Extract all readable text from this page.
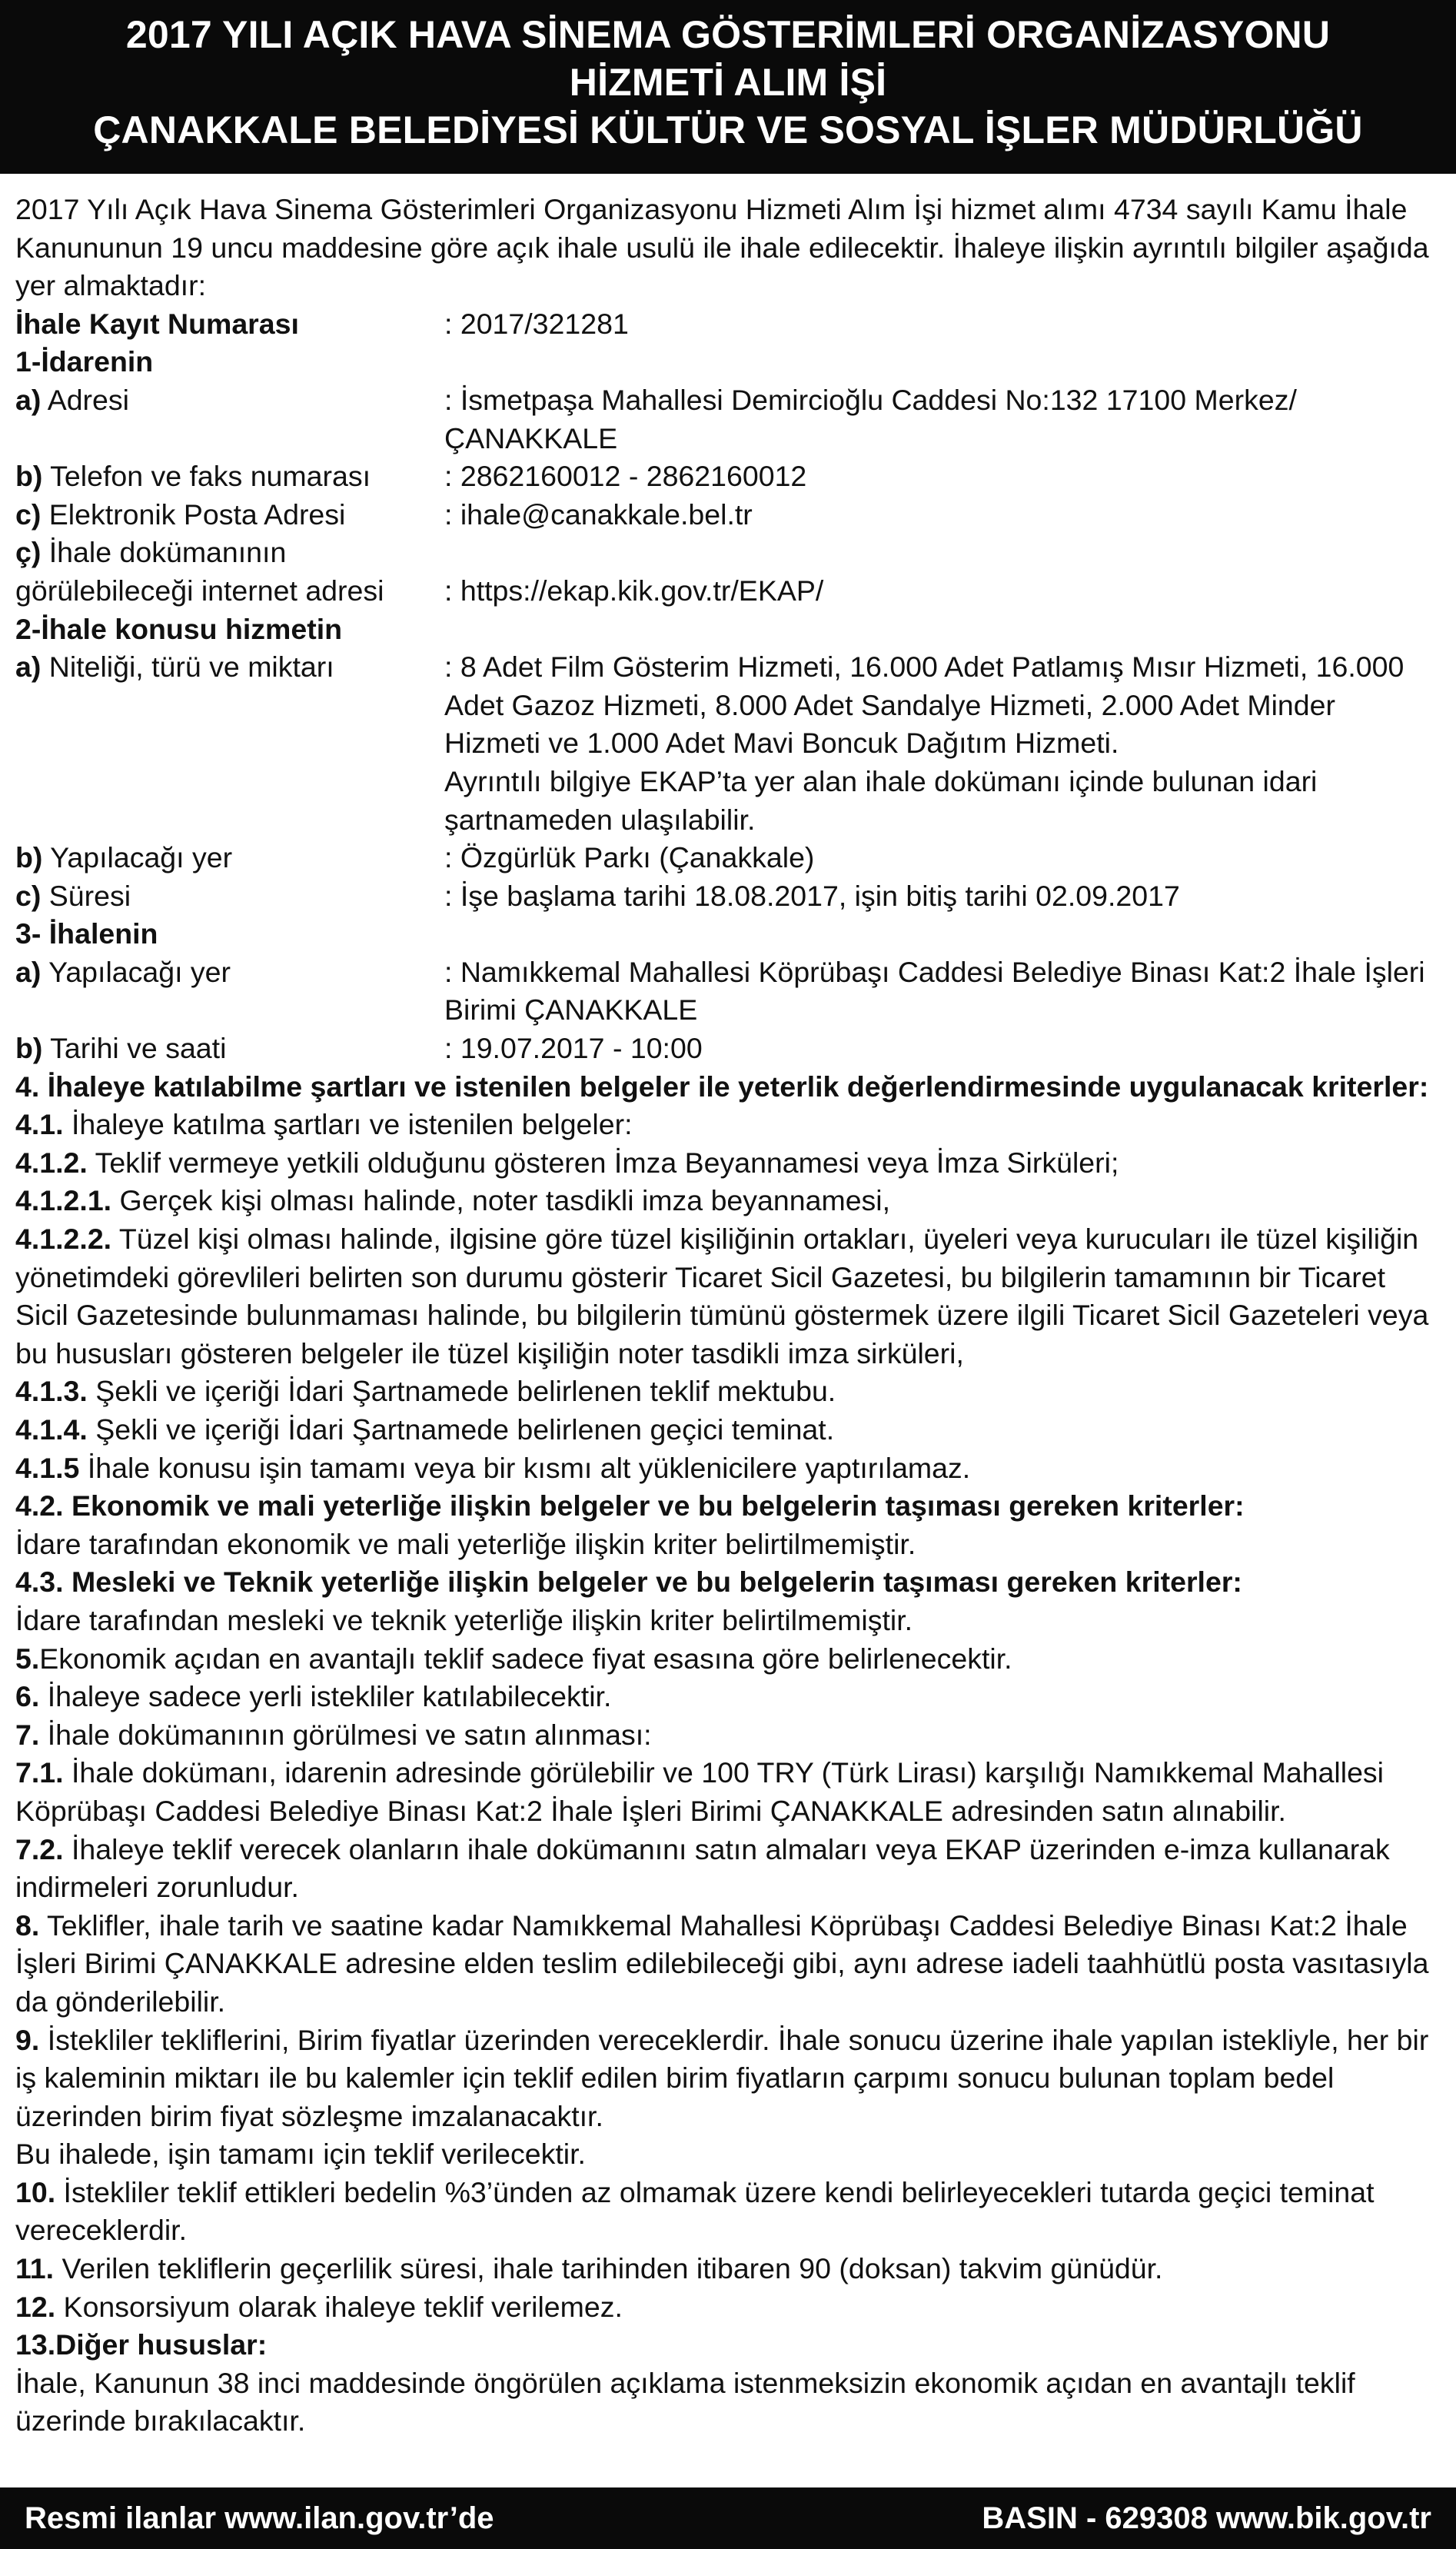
2017 YILI AÇIK HAVA SİNEMA GÖSTERİMLERİ ORGANİZASYONU
HİZMETİ ALIM İŞİ
ÇANAKKALE BELEDİYESİ KÜLTÜR VE SOSYAL İŞLER MÜDÜRLÜĞÜ

2017 Yılı Açık Hava Sinema Gösterimleri Organizasyonu Hizmeti Alım İşi hizmet alımı 4734 sayılı Kamu İhale Kanununun 19 uncu maddesine göre açık ihale usulü ile ihale edilecektir. İhaleye ilişkin ayrıntılı bilgiler aşağıda yer almaktadır:

İhale Kayıt Numarası	: 2017/321281

1-İdarenin

a) Adresi	: İsmetpaşa Mahallesi Demircioğlu Caddesi No:132 17100 Merkez/ÇANAKKALE
b) Telefon ve faks numarası	: 2862160012 - 2862160012
c) Elektronik Posta Adresi	: ihale@canakkale.bel.tr

ç) İhale dokümanının

görülebileceği internet adresi	: https://ekap.kik.gov.tr/EKAP/

2-İhale konusu hizmetin

a) Niteliği, türü ve miktarı	: 8 Adet Film Gösterim Hizmeti, 16.000 Adet Patlamış Mısır Hizmeti, 16.000 Adet Gazoz Hizmeti, 8.000 Adet Sandalye Hizmeti, 2.000 Adet Minder Hizmeti ve 1.000 Adet Mavi Boncuk Dağıtım Hizmeti.
Ayrıntılı bilgiye EKAP’ta yer alan ihale dokümanı içinde bulunan idari şartnameden ulaşılabilir.
b) Yapılacağı yer	: Özgürlük Parkı (Çanakkale)
c) Süresi	: İşe başlama tarihi 18.08.2017, işin bitiş tarihi 02.09.2017

3- İhalenin

a) Yapılacağı yer	: Namıkkemal Mahallesi Köprübaşı Caddesi Belediye Binası Kat:2 İhale İşleri Birimi ÇANAKKALE
b) Tarihi ve saati	: 19.07.2017 - 10:00

4. İhaleye katılabilme şartları ve istenilen belgeler ile yeterlik değerlendirmesinde uygulanacak kriterler:

4.1. İhaleye katılma şartları ve istenilen belgeler:

4.1.2. Teklif vermeye yetkili olduğunu gösteren İmza Beyannamesi veya İmza Sirküleri;

4.1.2.1. Gerçek kişi olması halinde, noter tasdikli imza beyannamesi,

4.1.2.2. Tüzel kişi olması halinde, ilgisine göre tüzel kişiliğinin ortakları, üyeleri veya kurucuları ile tüzel kişiliğin yönetimdeki görevlileri belirten son durumu gösterir Ticaret Sicil Gazetesi, bu bilgilerin tamamının bir Ticaret Sicil Gazetesinde bulunmaması halinde, bu bilgilerin tümünü göstermek üzere ilgili Ticaret Sicil Gazeteleri veya bu hususları gösteren belgeler ile tüzel kişiliğin noter tasdikli imza sirküleri,

4.1.3. Şekli ve içeriği İdari Şartnamede belirlenen teklif mektubu.

4.1.4. Şekli ve içeriği İdari Şartnamede belirlenen geçici teminat.

4.1.5 İhale konusu işin tamamı veya bir kısmı alt yüklenicilere yaptırılamaz.

4.2. Ekonomik ve mali yeterliğe ilişkin belgeler ve bu belgelerin taşıması gereken kriterler:

İdare tarafından ekonomik ve mali yeterliğe ilişkin kriter belirtilmemiştir.

4.3. Mesleki ve Teknik yeterliğe ilişkin belgeler ve bu belgelerin taşıması gereken kriterler:

İdare tarafından mesleki ve teknik yeterliğe ilişkin kriter belirtilmemiştir.

5.Ekonomik açıdan en avantajlı teklif sadece fiyat esasına göre belirlenecektir.

6. İhaleye sadece yerli istekliler katılabilecektir.

7. İhale dokümanının görülmesi ve satın alınması:

7.1. İhale dokümanı, idarenin adresinde görülebilir ve 100 TRY (Türk Lirası) karşılığı Namıkkemal Mahallesi Köprübaşı Caddesi Belediye Binası Kat:2 İhale İşleri Birimi ÇANAKKALE adresinden satın alınabilir.

7.2. İhaleye teklif verecek olanların ihale dokümanını satın almaları veya EKAP üzerinden e-imza kullanarak indirmeleri zorunludur.

8. Teklifler, ihale tarih ve saatine kadar Namıkkemal Mahallesi Köprübaşı Caddesi Belediye Binası Kat:2 İhale İşleri Birimi ÇANAKKALE adresine elden teslim edilebileceği gibi, aynı adrese iadeli taahhütlü posta vasıtasıyla da gönderilebilir.

9. İstekliler tekliflerini, Birim fiyatlar üzerinden vereceklerdir. İhale sonucu üzerine ihale yapılan istekliyle, her bir iş kaleminin miktarı ile bu kalemler için teklif edilen birim fiyatların çarpımı sonucu bulunan toplam bedel üzerinden birim fiyat sözleşme imzalanacaktır.

Bu ihalede, işin tamamı için teklif verilecektir.

10. İstekliler teklif ettikleri bedelin %3’ünden az olmamak üzere kendi belirleyecekleri tutarda geçici teminat vereceklerdir.

11. Verilen tekliflerin geçerlilik süresi, ihale tarihinden itibaren 90 (doksan) takvim günüdür.

12. Konsorsiyum olarak ihaleye teklif verilemez.

13.Diğer hususlar:

İhale, Kanunun 38 inci maddesinde öngörülen açıklama istenmeksizin ekonomik açıdan en avantajlı teklif üzerinde bırakılacaktır.

Resmi ilanlar www.ilan.gov.tr’de	BASIN - 629308 www.bik.gov.tr
